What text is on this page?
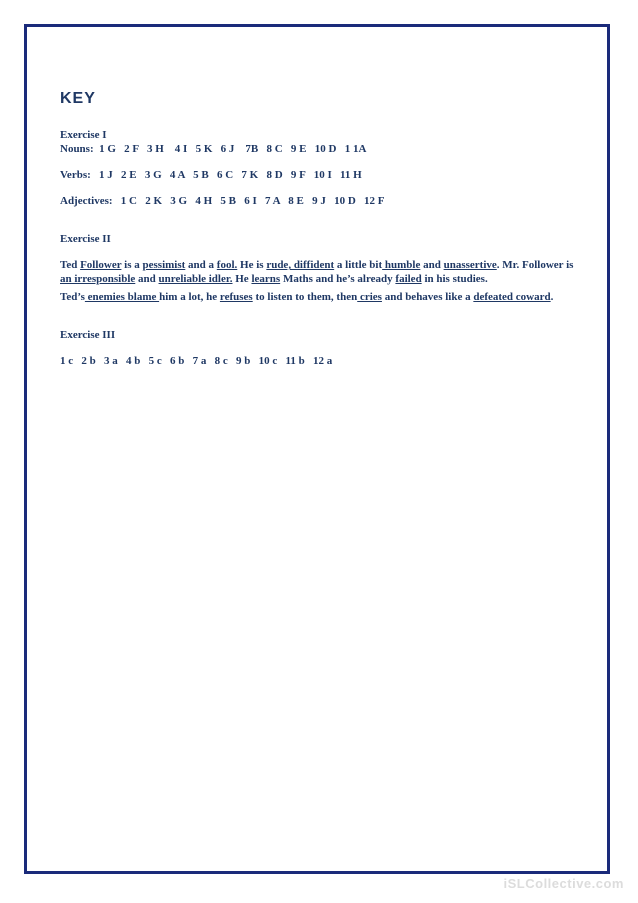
KEY

Exercise I

Nouns:  1 G   2 F   3 H    4 I   5 K   6 J    7B   8 C   9 E   10 D   1 1A

Verbs:   1 J   2 E   3 G   4 A   5 B   6 C   7 K   8 D   9 F   10 I   11 H

Adjectives:   1 C   2 K   3 G   4 H   5 B   6 I   7 A   8 E   9 J   10 D   12 F

Exercise II

Ted Follower is a pessimist and a fool. He is rude, diffident a little bit humble and unassertive. Mr. Follower is an irresponsible and unreliable idler. He learns Maths and he’s already failed in his studies.

Ted’s enemies blame him a lot, he refuses to listen to them, then cries and behaves like a defeated coward.

Exercise III

1 c   2 b   3 a   4 b   5 c   6 b   7 a   8 c   9 b   10 c   11 b   12 a

iSLCollective.com
